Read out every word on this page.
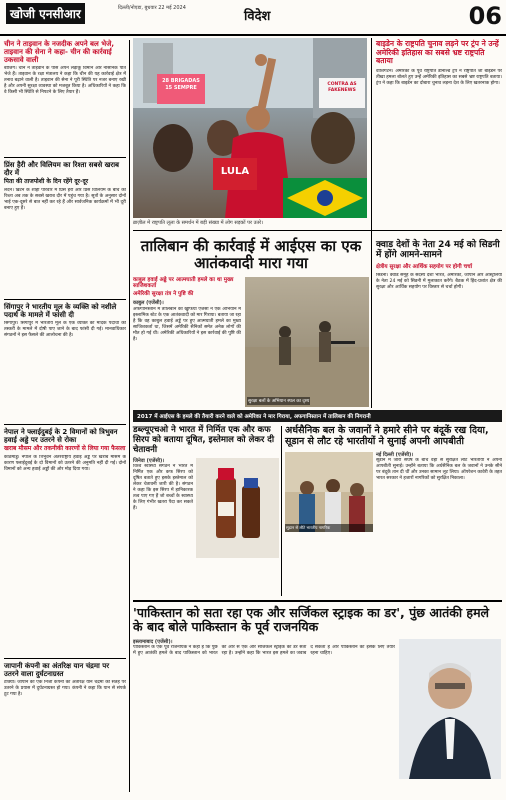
खोजी एनसीआर	दिल्ली/नोएडा, बुधवार 22 मई 2024
विदेश	06
चीन ने ताइवान के नजदीक अपने बल भेजे, ताइवान की सेना ने कहा- चीन की कार्रवाई उकसावे वाली
बीजिंग। चीन ने ताइवान के पास अपने लड़ाकू विमान और नौसैनिक पोत भेजे हैं। ताइवान के रक्षा मंत्रालय ने कहा कि चीन की यह कार्रवाई क्षेत्र में तनाव बढ़ाने वाली है। ताइवान की सेना ने पूरी स्थिति पर नजर बनाए रखी है और अपनी सुरक्षा व्यवस्था को मजबूत किया है। अधिकारियों ने कहा कि वे किसी भी स्थिति से निपटने के लिए तैयार हैं।
प्रिंस हैरी और विलियम का रिश्ता सबसे खराब दौर में
पिता की ताजपोशी के दिन रहेंगे दूर-दूर
लंदन। ब्रिटेन के शाही परिवार में प्रिंस हैरी और प्रिंस विलियम के बीच का रिश्ता अब तक के सबसे खराब दौर में पहुंच गया है। सूत्रों के अनुसार दोनों भाई एक-दूसरे से बात नहीं कर रहे हैं और सार्वजनिक कार्यक्रमों में भी दूरी बनाए हुए हैं।
सिंगापुर ने भारतीय मूल के व्यक्ति को नशीले पदार्थ के मामले में फांसी दी
सिंगापुर। सिंगापुर में भारतीय मूल के एक व्यक्ति को मादक पदार्थों की तस्करी के मामले में दोषी पाए जाने के बाद फांसी दी गई। मानवाधिकार संगठनों ने इस फैसले की आलोचना की है।
नेपाल ने फ्लाईदुबई के 2 विमानों को त्रिभुवन हवाई अड्डे पर उतरने से रोका
खराब मौसम और तकनीकी कारणों से लिया गया फैसला
काठमांडू। नेपाल के त्रिभुवन अंतरराष्ट्रीय हवाई अड्डे पर खराब मौसम के कारण फ्लाईदुबई के दो विमानों को उतरने की अनुमति नहीं दी गई। दोनों विमानों को अन्य हवाई अड्डों की ओर मोड़ दिया गया।
जापानी कंपनी का अंतरिक्ष यान चंद्रमा पर उतरने वाला दुर्घटनाग्रस्त
टोक्यो। जापान की एक निजी कंपनी का अंतरिक्ष यान चंद्रमा की सतह पर उतरने के प्रयास में दुर्घटनाग्रस्त हो गया। कंपनी ने कहा कि यान से संपर्क टूट गया है।
28 BRIGADAS 15 SEMPRE
LULA
CONTRA AS FAKENEWS
ब्राज़ील में राष्ट्रपति लूला के समर्थन में बड़ी संख्या में लोग सड़कों पर उतरे।
बाइडेन के राष्ट्रपति चुनाव लड़ने पर ट्रंप ने उन्हें अमेरिकी इतिहास का सबसे भ्रष्ट राष्ट्रपति बताया
वॉशिंगटन। अमेरिका के पूर्व राष्ट्रपति डोनाल्ड ट्रंप ने राष्ट्रपति जो बाइडेन पर तीखा हमला बोलते हुए उन्हें अमेरिकी इतिहास का सबसे भ्रष्ट राष्ट्रपति बताया। ट्रंप ने कहा कि बाइडेन का दोबारा चुनाव लड़ना देश के लिए खतरनाक होगा।
तालिबान की कार्रवाई में आईएस का एक आतंकवादी मारा गया
काबुल हवाई अड्डे पर आत्मघाती हमले का था मुख्य साजिशकर्ता
अमेरिकी सुरक्षा तंत्र ने पुष्टि की
काबुल (एजेंसी)।
अफगानिस्तान में तालिबान की खुफिया एजेंसी ने एक अभियान में इस्लामिक स्टेट के एक आतंकवादी को मार गिराया। बताया जा रहा है कि वह काबुल हवाई अड्डे पर हुए आत्मघाती हमले का मुख्य साजिशकर्ता था, जिसमें अमेरिकी सैनिकों समेत अनेक लोगों की मौत हो गई थी। अमेरिकी अधिकारियों ने इस कार्रवाई की पुष्टि की है।
सुरक्षा बलों के अभियान स्थल का दृश्य
क्वाड देशों के नेता 24 मई को सिडनी में होंगे आमने-सामने
क्षेत्रीय सुरक्षा और आर्थिक सहयोग पर होगी चर्चा
सिडनी। क्वाड समूह के सदस्य देशों भारत, अमेरिका, जापान और ऑस्ट्रेलिया के नेता 24 मई को सिडनी में मुलाकात करेंगे। बैठक में हिंद-प्रशांत क्षेत्र की सुरक्षा और आर्थिक सहयोग पर विस्तार से चर्चा होगी।
2017 में आईएस के हमले की तैयारी करने वाले को अमेरिका ने मार गिराया, अफगानिस्तान में तालिबान की निगरानी
डब्ल्यूएचओ ने भारत में निर्मित एक और कफ सिरप को बताया दूषित, इस्तेमाल को लेकर दी चेतावनी
जिनेवा (एजेंसी)।
विश्व स्वास्थ्य संगठन ने भारत में निर्मित एक और कफ सिरप को दूषित बताते हुए इसके इस्तेमाल को लेकर चेतावनी जारी की है। संगठन ने कहा कि इस सिरप में हानिकारक तत्व पाए गए हैं जो बच्चों के स्वास्थ्य के लिए गंभीर खतरा पैदा कर सकते हैं।
अर्धसैनिक बल के जवानों ने हमारे सीने पर बंदूकें रख दिया, सूडान से लौट रहे भारतीयों ने सुनाई अपनी आपबीती
सूडान से लौटे भारतीय नागरिक
नई दिल्ली (एजेंसी)।
सूडान में जारी संघर्ष के बीच वहां से सुरक्षित लौटे भारतीयों ने अपनी आपबीती सुनाई। उन्होंने बताया कि अर्धसैनिक बल के जवानों ने उनके सीने पर बंदूकें तान दी थीं और उनका सामान लूट लिया। ऑपरेशन कावेरी के तहत भारत सरकार ने हजारों नागरिकों को सुरक्षित निकाला।
'पाकिस्तान को सता रहा एक और सर्जिकल स्ट्राइक का डर', पुंछ आतंकी हमले के बाद बोले पाकिस्तान के पूर्व राजनयिक
इस्लामाबाद (एजेंसी)।
पाकिस्तान के एक पूर्व राजनयिक ने कहा है कि पुंछ में हुए आतंकी हमले के बाद पाकिस्तान को भारत की ओर से एक और सर्जिकल स्ट्राइक का डर सता रहा है। उन्होंने कहा कि भारत इस हमले का जवाब दे सकता है और पाकिस्तान को इसके लिए तैयार रहना चाहिए।
